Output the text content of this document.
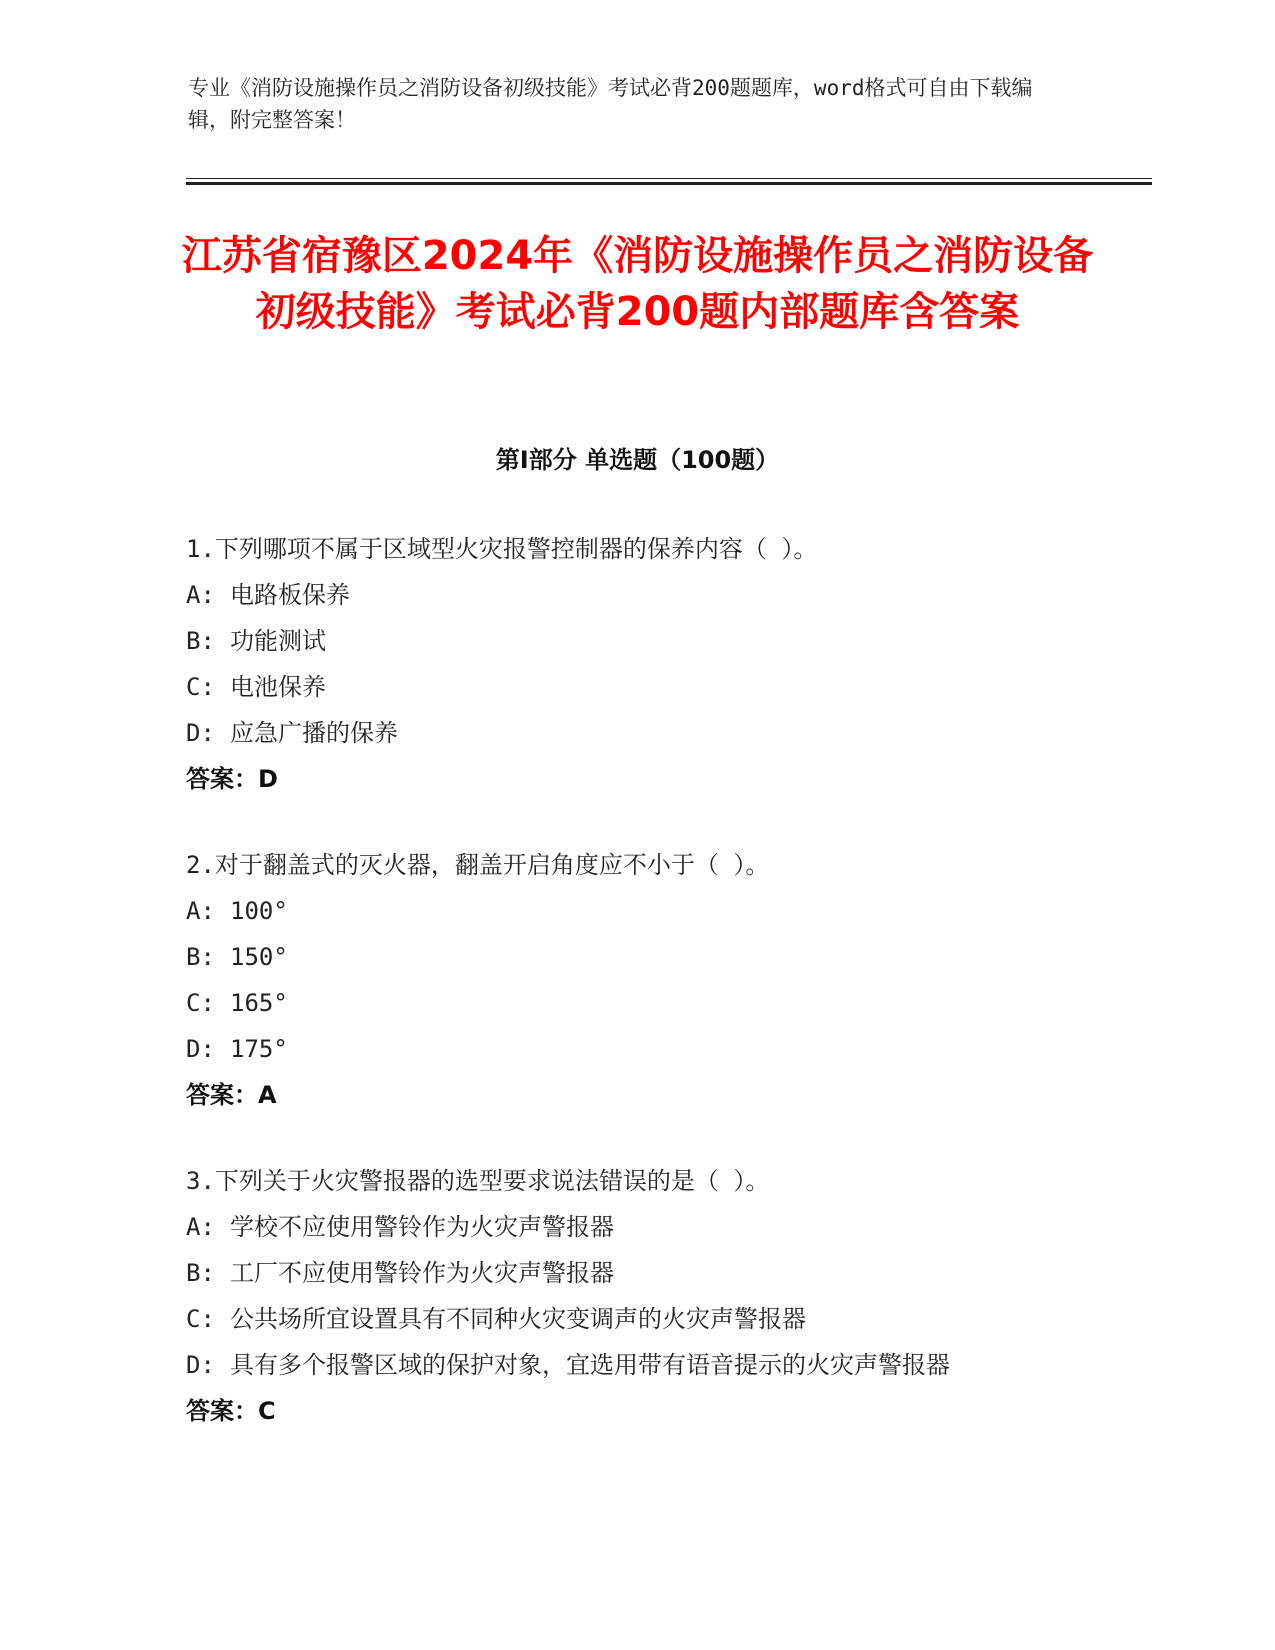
专业《消防设施操作员之消防设备初级技能》考试必背200题题库，word格式可自由下载编辑，附完整答案！
江苏省宿豫区2024年《消防设施操作员之消防设备初级技能》考试必背200题内部题库含答案
第Ⅰ部分 单选题（100题）
1.下列哪项不属于区域型火灾报警控制器的保养内容（ ）。
A: 电路板保养
B: 功能测试
C: 电池保养
D: 应急广播的保养
答案：D
2.对于翻盖式的灭火器，翻盖开启角度应不小于（ ）。
A: 100°
B: 150°
C: 165°
D: 175°
答案：A
3.下列关于火灾警报器的选型要求说法错误的是（ ）。
A: 学校不应使用警铃作为火灾声警报器
B: 工厂不应使用警铃作为火灾声警报器
C: 公共场所宜设置具有不同种火灾变调声的火灾声警报器
D: 具有多个报警区域的保护对象，宜选用带有语音提示的火灾声警报器
答案：C
